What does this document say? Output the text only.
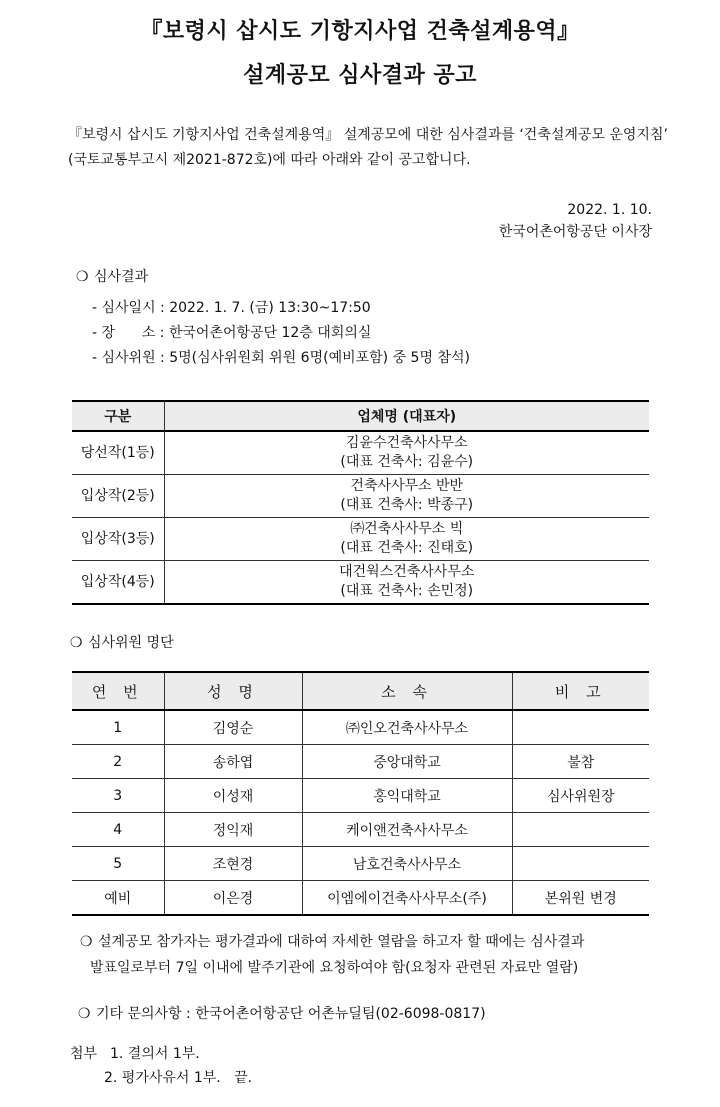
『보령시 삽시도 기항지사업 건축설계용역』
설계공모 심사결과 공고
『보령시 삽시도 기항지사업 건축설계용역』 설계공모에 대한 심사결과를 ‘건축설계공모 운영지침’
(국토교통부고시 제2021-872호)에 따라 아래와 같이 공고합니다.
2022. 1. 10.
한국어촌어항공단 이사장
❍ 심사결과
- 심사일시 : 2022. 1. 7. (금) 13:30~17:50
- 장      소 : 한국어촌어항공단 12층 대회의실
- 심사위원 : 5명(심사위원회 위원 6명(예비포함) 중 5명 참석)
구분	업체명 (대표자)
당선작(1등)	김윤수건축사사무소
(대표 건축사: 김윤수)

입상작(2등)	건축사사무소 반반
(대표 건축사: 박종구)

입상작(3등)	㈜건축사사무소 빅
(대표 건축사: 진태호)

입상작(4등)	대건웍스건축사사무소
(대표 건축사: 손민정)
❍ 심사위원 명단
연 번	성 명	소 속	비 고
1	김영순	㈜인오건축사사무소	
2	송하엽	중앙대학교	불참
3	이성재	홍익대학교	심사위원장
4	정익재	케이앤건축사사무소	
5	조현경	남호건축사사무소	
예비	이은경	이엠에이건축사사무소(주)	본위원 변경
❍ 설계공모 참가자는 평가결과에 대하여 자세한 열람을 하고자 할 때에는 심사결과
발표일로부터 7일 이내에 발주기관에 요청하여야 함(요청자 관련된 자료만 열람)
❍ 기타 문의사항 : 한국어촌어항공단 어촌뉴딜팀(02-6098-0817)
첨부 1. 결의서 1부.
2. 평가사유서 1부.   끝.
